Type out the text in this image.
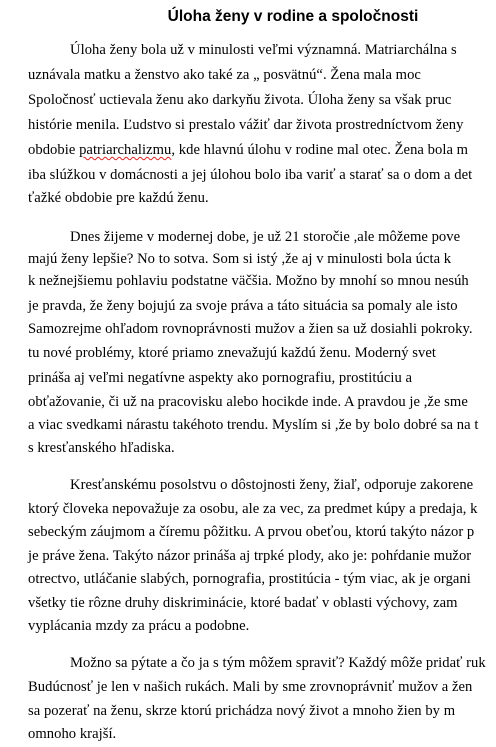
Úloha ženy v rodine a spoločnosti
Úloha ženy bola už v minulosti veľmi významná. Matriarchálna s
uznávala matku a ženstvo ako také za „ posvätnú“. Žena mala moc
Spoločnosť uctievala ženu ako darkyňu života. Úloha ženy sa však pruc
histórie menila. Ľudstvo si prestalo vážiť dar života prostredníctvom ženy
obdobie patriarchalizmu, kde hlavnú úlohu v rodine mal otec. Žena bola m
iba slúžkou v domácnosti a jej úlohou bolo iba variť a starať sa o dom a det
ťažké obdobie pre každú ženu.
Dnes žijeme v modernej dobe, je už 21 storočie ,ale môžeme pove
majú ženy lepšie? No to sotva. Som si istý ,že aj v minulosti bola úcta k
k nežnejšiemu pohlaviu podstatne väčšia. Možno by mnohí so mnou nesúh
je pravda, že ženy bojujú za svoje práva a táto situácia sa pomaly ale isto
Samozrejme ohľadom rovnoprávnosti mužov a žien sa už dosiahli pokroky.
tu nové problémy, ktoré priamo znevažujú každú ženu. Moderný svet
prináša aj veľmi negatívne aspekty ako pornografiu, prostitúciu a
obťažovanie, či už na pracovisku alebo hocikde inde. A pravdou je ,že sme
a viac svedkami nárastu takéhoto trendu. Myslím si ,že by bolo dobré sa na t
s kresťanského hľadiska.
Kresťanskému posolstvu o dôstojnosti ženy, žiaľ, odporuje zakorene
ktorý človeka nepovažuje za osobu, ale za vec, za predmet kúpy a predaja, k
sebeckým záujmom a číremu pôžitku. A prvou obeťou, ktorú takýto názor p
je práve žena. Takýto názor prináša aj trpké plody, ako je: pohŕdanie mužor
otrectvo, utláčanie slabých, pornografia, prostitúcia - tým viac, ak je organi
všetky tie rôzne druhy diskriminácie, ktoré badať v oblasti výchovy, zam
vyplácania mzdy za prácu a podobne.
Možno sa pýtate a čo ja s tým môžem spraviť? Každý môže pridať ruk
Budúcnosť je len v našich rukách. Mali by sme zrovnoprávniť mužov a žen
sa pozerať na ženu, skrze ktorú prichádza nový život a mnoho žien by m
omnoho krajší.
